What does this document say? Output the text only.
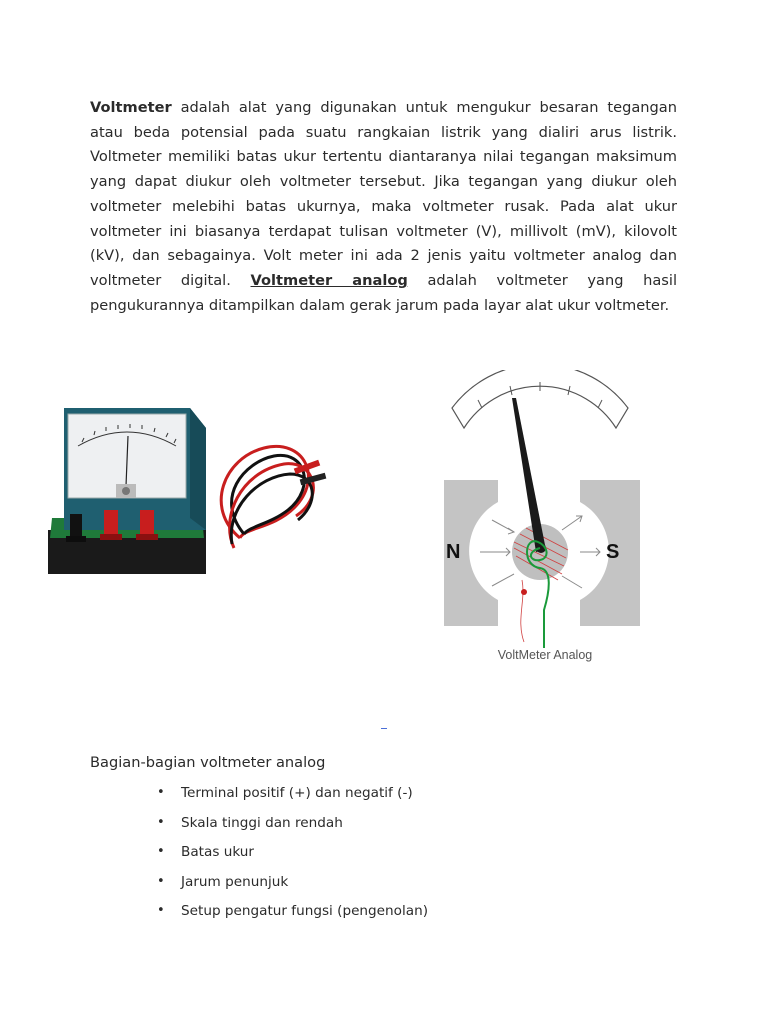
Voltmeter adalah alat yang digunakan untuk mengukur besaran tegangan atau beda potensial pada suatu rangkaian listrik yang dialiri arus listrik. Voltmeter memiliki batas ukur tertentu diantaranya nilai tegangan maksimum yang dapat diukur oleh voltmeter tersebut. Jika tegangan yang diukur oleh voltmeter melebihi batas ukurnya, maka voltmeter rusak. Pada alat ukur voltmeter ini biasanya terdapat tulisan voltmeter (V), millivolt (mV), kilovolt (kV), dan sebagainya. Volt meter ini ada 2 jenis yaitu voltmeter analog dan voltmeter digital. Voltmeter analog adalah voltmeter yang hasil pengukurannya ditampilkan dalam gerak jarum pada layar alat ukur voltmeter.

N	S
VoltMeter Analog
Bagian-bagian voltmeter analog
• Terminal positif (+) dan negatif (-)
• Skala tinggi dan rendah
• Batas ukur
• Jarum penunjuk
• Setup pengatur fungsi (pengenolan)
